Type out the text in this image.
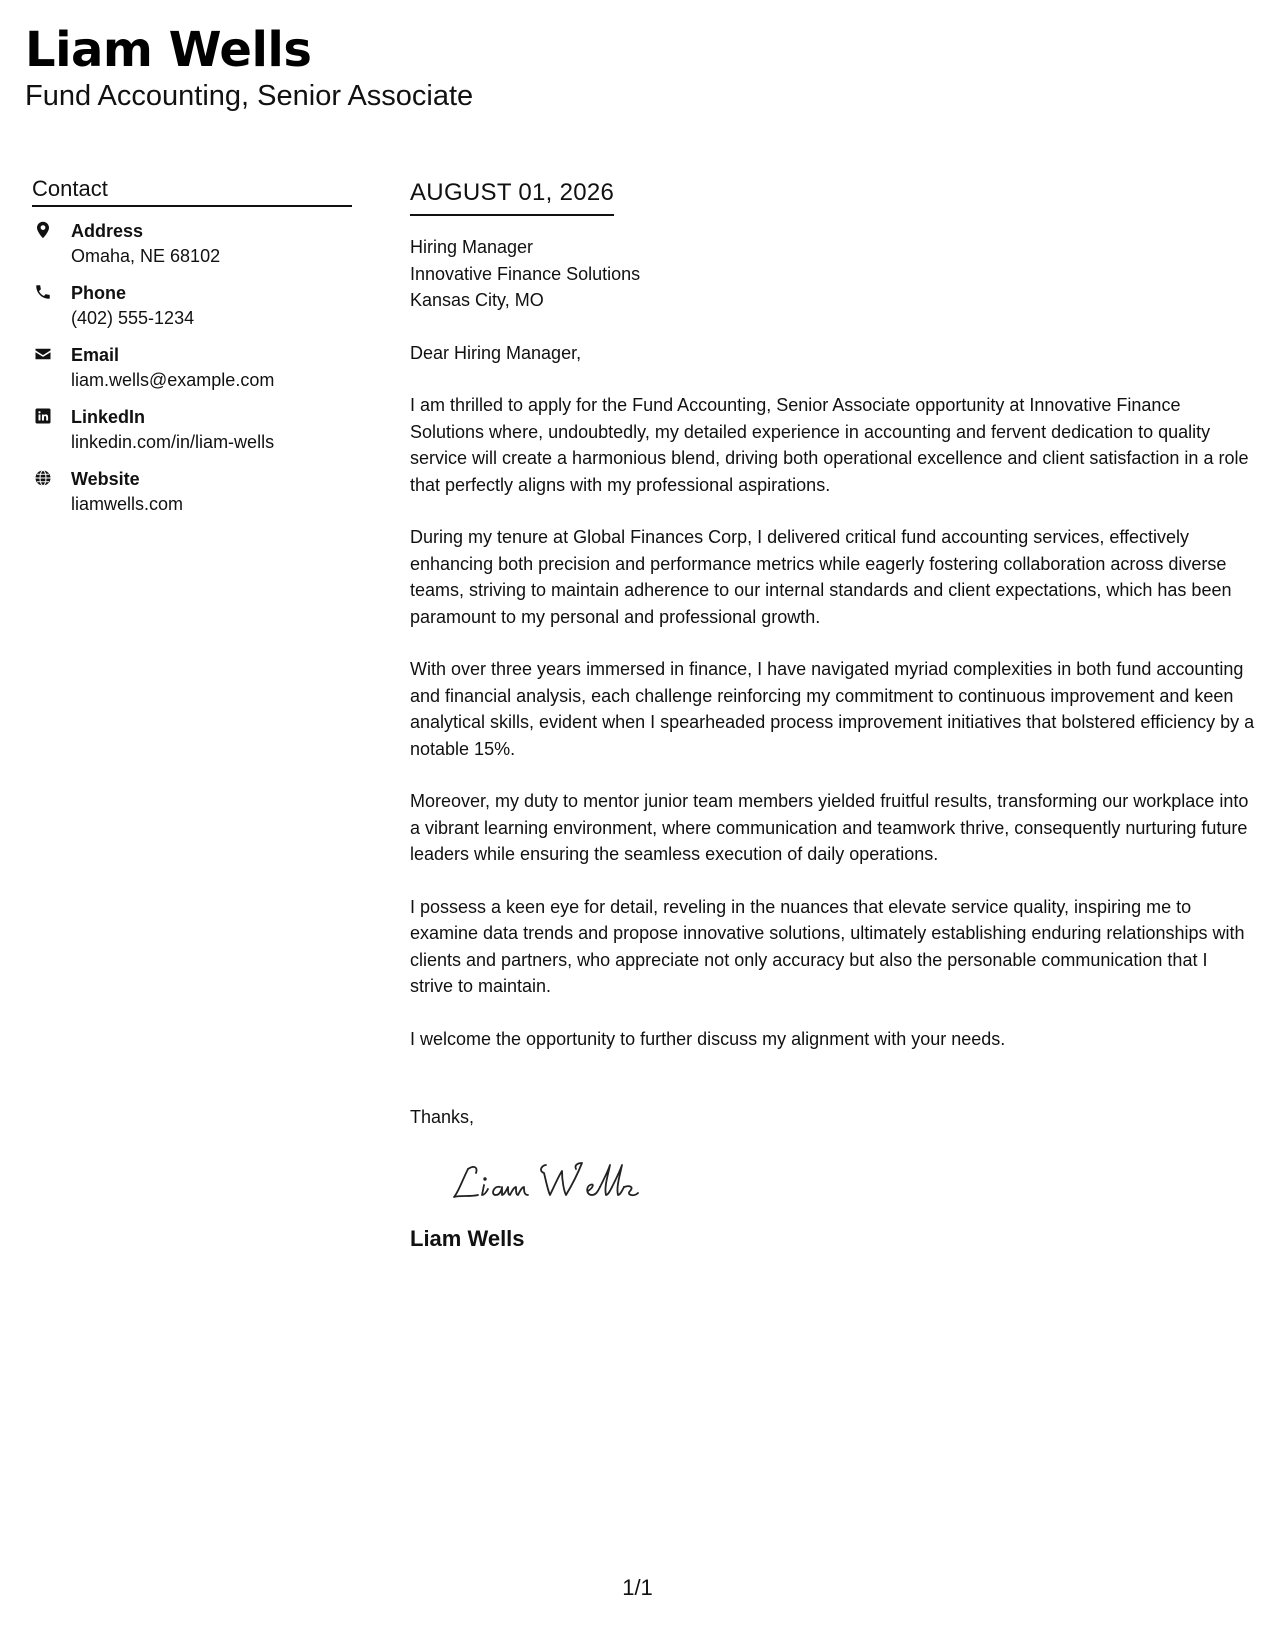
Liam Wells
Fund Accounting, Senior Associate
Contact
Address
Omaha, NE 68102
Phone
(402) 555-1234
Email
liam.wells@example.com
LinkedIn
linkedin.com/in/liam-wells
Website
liamwells.com
AUGUST 01, 2026
Hiring Manager
Innovative Finance Solutions
Kansas City, MO
Dear Hiring Manager,
I am thrilled to apply for the Fund Accounting, Senior Associate opportunity at Innovative Finance Solutions where, undoubtedly, my detailed experience in accounting and fervent dedication to quality service will create a harmonious blend, driving both operational excellence and client satisfaction in a role that perfectly aligns with my professional aspirations.
During my tenure at Global Finances Corp, I delivered critical fund accounting services, effectively enhancing both precision and performance metrics while eagerly fostering collaboration across diverse teams, striving to maintain adherence to our internal standards and client expectations, which has been paramount to my personal and professional growth.
With over three years immersed in finance, I have navigated myriad complexities in both fund accounting and financial analysis, each challenge reinforcing my commitment to continuous improvement and keen analytical skills, evident when I spearheaded process improvement initiatives that bolstered efficiency by a notable 15%.
Moreover, my duty to mentor junior team members yielded fruitful results, transforming our workplace into a vibrant learning environment, where communication and teamwork thrive, consequently nurturing future leaders while ensuring the seamless execution of daily operations.
I possess a keen eye for detail, reveling in the nuances that elevate service quality, inspiring me to examine data trends and propose innovative solutions, ultimately establishing enduring relationships with clients and partners, who appreciate not only accuracy but also the personable communication that I strive to maintain.
I welcome the opportunity to further discuss my alignment with your needs.
Thanks,
Liam Wells
1/1
